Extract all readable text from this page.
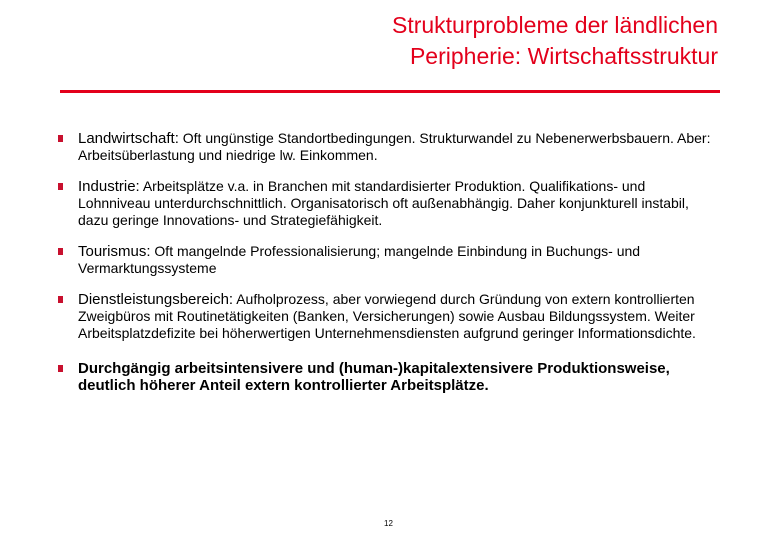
Strukturprobleme der ländlichen
Peripherie: Wirtschaftsstruktur
Landwirtschaft: Oft ungünstige Standortbedingungen. Strukturwandel zu Nebenerwerbsbauern. Aber: Arbeitsüberlastung und niedrige lw. Einkommen.
Industrie: Arbeitsplätze v.a. in Branchen mit standardisierter Produktion. Qualifikations- und Lohnniveau unterdurchschnittlich. Organisatorisch oft außenabhängig. Daher konjunkturell instabil, dazu geringe Innovations- und Strategiefähigkeit.
Tourismus: Oft mangelnde Professionalisierung; mangelnde Einbindung in Buchungs- und Vermarktungssysteme
Dienstleistungsbereich: Aufholprozess, aber vorwiegend durch Gründung von extern kontrollierten Zweigbüros mit Routinetätigkeiten (Banken, Versicherungen) sowie Ausbau Bildungssystem. Weiter Arbeitsplatzdefizite bei höherwertigen Unternehmensdiensten aufgrund geringer Informationsdichte.
Durchgängig arbeitsintensivere und (human-)kapitalextensivere Produktionsweise, deutlich höherer Anteil extern kontrollierter Arbeitsplätze.
12
